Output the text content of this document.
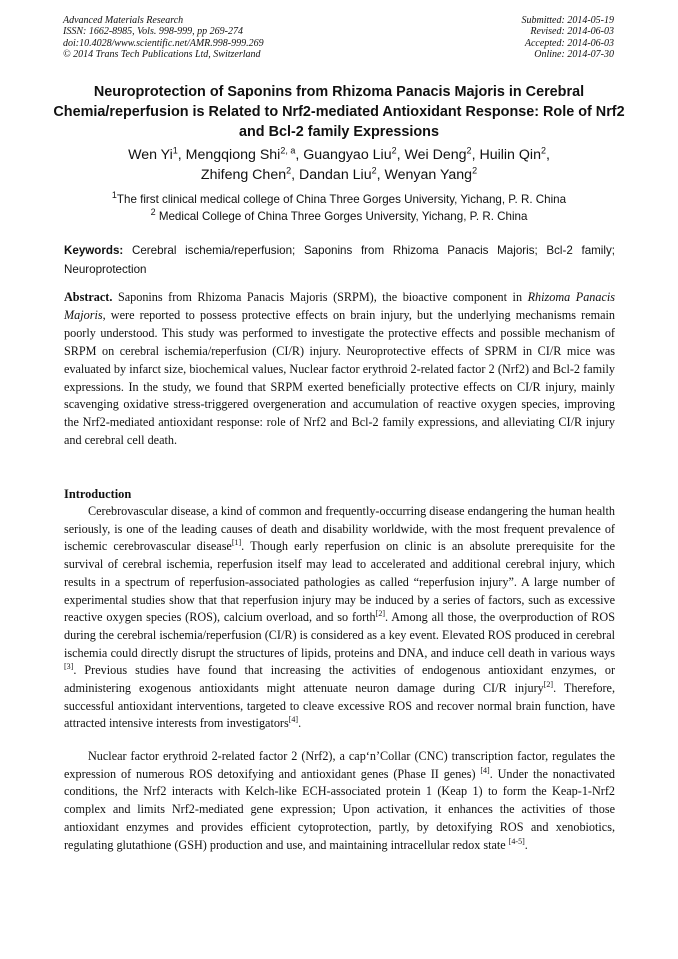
Advanced Materials Research
ISSN: 1662-8985, Vols. 998-999, pp 269-274
doi:10.4028/www.scientific.net/AMR.998-999.269
© 2014 Trans Tech Publications Ltd, Switzerland
Submitted: 2014-05-19
Revised: 2014-06-03
Accepted: 2014-06-03
Online: 2014-07-30
Neuroprotection of Saponins from Rhizoma Panacis Majoris in Cerebral Chemia/reperfusion is Related to Nrf2-mediated Antioxidant Response: Role of Nrf2 and Bcl-2 family Expressions
Wen Yi$^1$, Mengqiong Shi$^{2, a}$, Guangyao Liu$^2$, Wei Deng$^2$, Huilin Qin$^2$,
Zhifeng Chen$^2$, Dandan Liu$^2$, Wenyan Yang$^2$
$^1$The first clinical medical college of China Three Gorges University, Yichang, P. R. China
$^2$ Medical College of China Three Gorges University, Yichang, P. R. China
Keywords: Cerebral ischemia/reperfusion; Saponins from Rhizoma Panacis Majoris; Bcl-2 family; Neuroprotection
Abstract. Saponins from Rhizoma Panacis Majoris (SRPM), the bioactive component in Rhizoma Panacis Majoris, were reported to possess protective effects on brain injury, but the underlying mechanisms remain poorly understood. This study was performed to investigate the protective effects and possible mechanism of SRPM on cerebral ischemia/reperfusion (CI/R) injury. Neuroprotective effects of SPRM in CI/R mice was evaluated by infarct size, biochemical values, Nuclear factor erythroid 2-related factor 2 (Nrf2) and Bcl-2 family expressions. In the study, we found that SRPM exerted beneficially protective effects on CI/R injury, mainly scavenging oxidative stress-triggered overgeneration and accumulation of reactive oxygen species, improving the Nrf2-mediated antioxidant response: role of Nrf2 and Bcl-2 family expressions, and alleviating CI/R injury and cerebral cell death.
Introduction
Cerebrovascular disease, a kind of common and frequently-occurring disease endangering the human health seriously, is one of the leading causes of death and disability worldwide, with the most frequent prevalence of ischemic cerebrovascular disease[1]. Though early reperfusion on clinic is an absolute prerequisite for the survival of cerebral ischemia, reperfusion itself may lead to accelerated and additional cerebral injury, which results in a spectrum of reperfusion-associated pathologies as called “reperfusion injury”. A large number of experimental studies show that that reperfusion injury may be induced by a series of factors, such as excessive reactive oxygen species (ROS), calcium overload, and so forth[2]. Among all those, the overproduction of ROS during the cerebral ischemia/reperfusion (CI/R) is considered as a key event. Elevated ROS produced in cerebral ischemia could directly disrupt the structures of lipids, proteins and DNA, and induce cell death in various ways [3]. Previous studies have found that increasing the activities of endogenous antioxidant enzymes, or administering exogenous antioxidants might attenuate neuron damage during CI/R injury[2]. Therefore, successful antioxidant interventions, targeted to cleave excessive ROS and recover normal brain function, have attracted intensive interests from investigators[4].
Nuclear factor erythroid 2-related factor 2 (Nrf2), a cap‘n’Collar (CNC) transcription factor, regulates the expression of numerous ROS detoxifying and antioxidant genes (Phase II genes) [4]. Under the nonactivated conditions, the Nrf2 interacts with Kelch-like ECH-associated protein 1 (Keap 1) to form the Keap-1-Nrf2 complex and limits Nrf2-mediated gene expression; Upon activation, it enhances the activities of those antioxidant enzymes and provides efficient cytoprotection, partly, by detoxifying ROS and xenobiotics, regulating glutathione (GSH) production and use, and maintaining intracellular redox state [4-5].
